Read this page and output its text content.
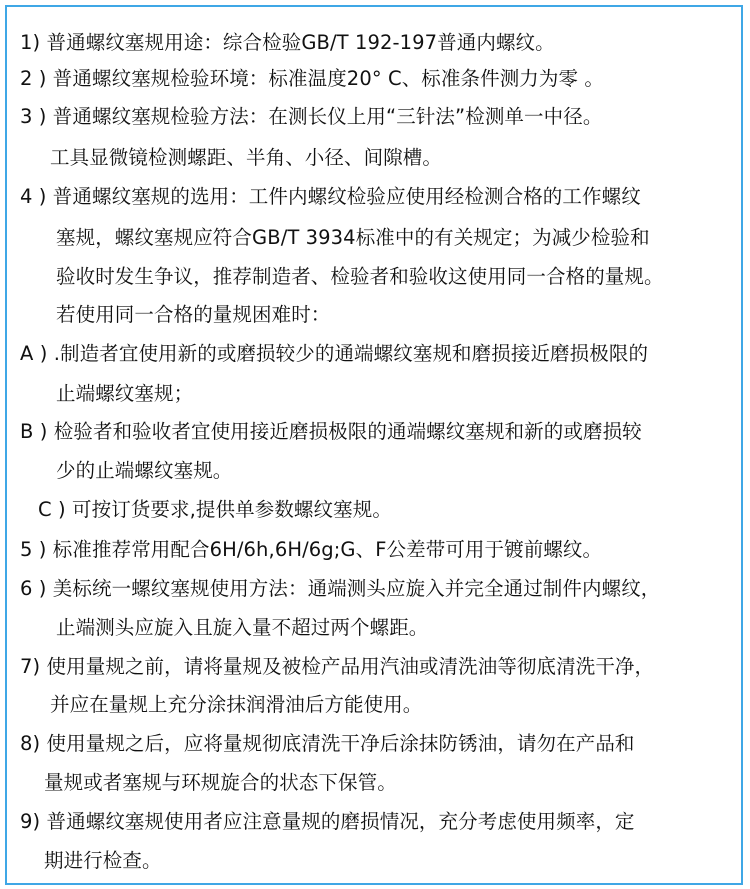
1) 普通螺纹塞规用途：综合检验GB/T 192-197普通内螺纹。
2 ) 普通螺纹塞规检验环境：标准温度20° C、标准条件测力为零 。
3 ) 普通螺纹塞规检验方法：在测长仪上用“三针法”检测单一中径。
工具显微镜检测螺距、半角、小径、间隙槽。
4 ) 普通螺纹塞规的选用：工件内螺纹检验应使用经检测合格的工作螺纹
塞规，螺纹塞规应符合GB/T 3934标准中的有关规定；为减少检验和
验收时发生争议，推荐制造者、检验者和验收这使用同一合格的量规。
若使用同一合格的量规困难时：
A ) .制造者宜使用新的或磨损较少的通端螺纹塞规和磨损接近磨损极限的
止端螺纹塞规；
B ) 检验者和验收者宜使用接近磨损极限的通端螺纹塞规和新的或磨损较
少的止端螺纹塞规。
C ) 可按订货要求,提供单参数螺纹塞规。
5 ) 标准推荐常用配合6H/6h,6H/6g;G、F公差带可用于镀前螺纹。
6 ) 美标统一螺纹塞规使用方法：通端测头应旋入并完全通过制件内螺纹，
止端测头应旋入且旋入量不超过两个螺距。
7) 使用量规之前，请将量规及被检产品用汽油或清洗油等彻底清洗干净，
并应在量规上充分涂抹润滑油后方能使用。
8) 使用量规之后，应将量规彻底清洗干净后涂抹防锈油，请勿在产品和
量规或者塞规与环规旋合的状态下保管。
9) 普通螺纹塞规使用者应注意量规的磨损情况，充分考虑使用频率，定
期进行检查。
